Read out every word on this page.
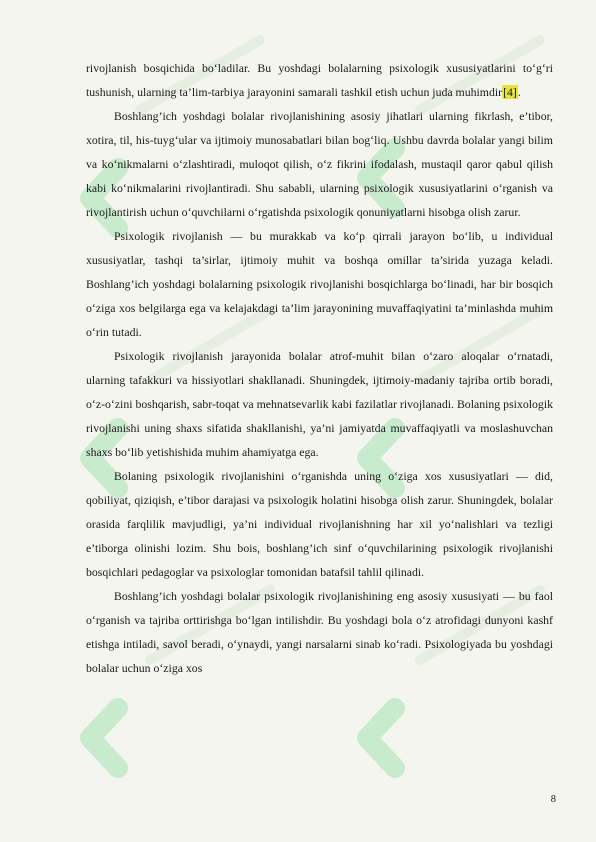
rivojlanish bosqichida bo‘ladilar. Bu yoshdagi bolalarning psixologik xususiyatlarini to‘g‘ri tushunish, ularning ta’lim-tarbiya jarayonini samarali tashkil etish uchun juda muhimdir[4].

Boshlang’ich yoshdagi bolalar rivojlanishining asosiy jihatlari ularning fikrlash, e’tibor, xotira, til, his-tuyg‘ular va ijtimoiy munosabatlari bilan bog‘liq. Ushbu davrda bolalar yangi bilim va ko‘nikmalarni o‘zlashtiradi, muloqot qilish, o‘z fikrini ifodalash, mustaqil qaror qabul qilish kabi ko‘nikmalarini rivojlantiradi. Shu sababli, ularning psixologik xususiyatlarini o‘rganish va rivojlantirish uchun o‘quvchilarni o‘rgatishda psixologik qonuniyatlarni hisobga olish zarur.

Psixologik rivojlanish — bu murakkab va ko‘p qirrali jarayon bo‘lib, u individual xususiyatlar, tashqi ta’sirlar, ijtimoiy muhit va boshqa omillar ta’sirida yuzaga keladi. Boshlang’ich yoshdagi bolalarning psixologik rivojlanishi bosqichlarga bo‘linadi, har bir bosqich o‘ziga xos belgilarga ega va kelajakdagi ta’lim jarayonining muvaffaqiyatini ta’minlashda muhim o‘rin tutadi.

Psixologik rivojlanish jarayonida bolalar atrof-muhit bilan o‘zaro aloqalar o‘rnatadi, ularning tafakkuri va hissiyotlari shakllanadi. Shuningdek, ijtimoiy-madaniy tajriba ortib boradi, o‘z-o‘zini boshqarish, sabr-toqat va mehnatsevarlik kabi fazilatlar rivojlanadi. Bolaning psixologik rivojlanishi uning shaxs sifatida shakllanishi, ya’ni jamiyatda muvaffaqiyatli va moslashuvchan shaxs bo‘lib yetishishida muhim ahamiyatga ega.

Bolaning psixologik rivojlanishini o‘rganishda uning o‘ziga xos xususiyatlari — did, qobiliyat, qiziqish, e’tibor darajasi va psixologik holatini hisobga olish zarur. Shuningdek, bolalar orasida farqlilik mavjudligi, ya’ni individual rivojlanishning har xil yo‘nalishlari va tezligi e’tiborga olinishi lozim. Shu bois, boshlang’ich sinf o‘quvchilarining psixologik rivojlanishi bosqichlari pedagoglar va psixologlar tomonidan batafsil tahlil qilinadi.

Boshlang’ich yoshdagi bolalar psixologik rivojlanishining eng asosiy xususiyati — bu faol o‘rganish va tajriba orttirishga bo‘lgan intilishdir. Bu yoshdagi bola o‘z atrofidagi dunyoni kashf etishga intiladi, savol beradi, o‘ynaydi, yangi narsalarni sinab ko‘radi. Psixologiyada bu yoshdagi bolalar uchun o‘ziga xos

8
